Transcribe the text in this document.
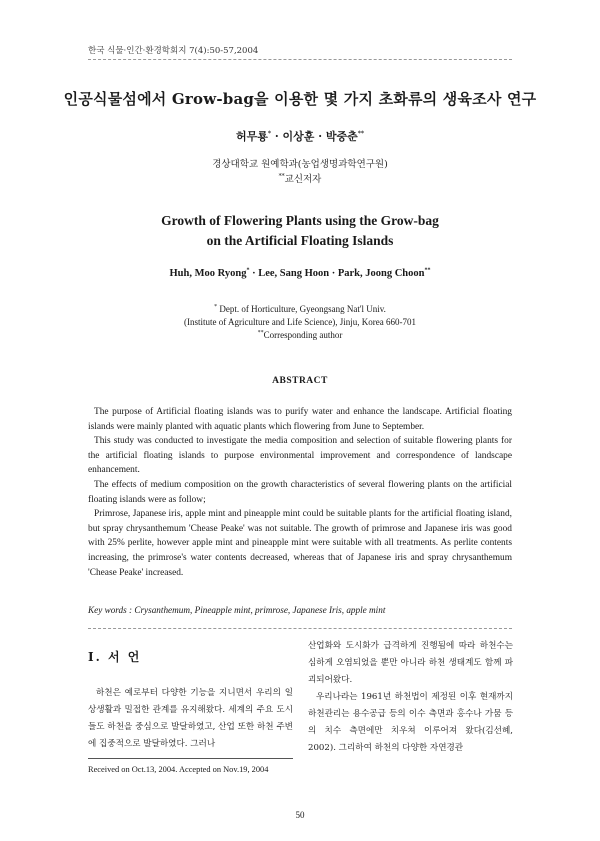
한국 식물·인간·환경학회지 7(4):50-57,2004
인공식물섬에서 Grow-bag을 이용한 몇 가지 초화류의 생육조사 연구
허무룡* · 이상훈 · 박중춘**
경상대학교 원예학과(농업생명과학연구원)
**교신저자
Growth of Flowering Plants using the Grow-bag
on the Artificial Floating Islands
Huh, Moo Ryong* · Lee, Sang Hoon · Park, Joong Choon**
* Dept. of Horticulture, Gyeongsang Nat'l Univ.
(Institute of Agriculture and Life Science), Jinju, Korea 660-701
**Corresponding author
ABSTRACT

The purpose of Artificial floating islands was to purify water and enhance the landscape. Artificial floating islands were mainly planted with aquatic plants which flowering from June to September.

This study was conducted to investigate the media composition and selection of suitable flowering plants for the artificial floating islands to purpose environmental improvement and correspondence of landscape enhancement.

The effects of medium composition on the growth characteristics of several flowering plants on the artificial floating islands were as follow;

Primrose, Japanese iris, apple mint and pineapple mint could be suitable plants for the artificial floating island, but spray chrysanthemum 'Chease Peake' was not suitable. The growth of primrose and Japanese iris was good with 25% perlite, however apple mint and pineapple mint were suitable with all treatments. As perlite contents increasing, the primrose's water contents decreased, whereas that of Japanese iris and spray chrysanthemum 'Chease Peake' increased.

Key words : Crysanthemum, Pineapple mint, primrose, Japanese Iris, apple mint
Ⅰ. 서 언

하천은 예로부터 다양한 기능을 지니면서 우리의 일상생활과 밀접한 관계를 유지해왔다. 세계의 주요 도시들도 하천을 중심으로 발달하였고, 산업 또한 하천 주변에 집중적으로 발달하였다. 그러나

산업화와 도시화가 급격하게 진행됨에 따라 하천수는 심하게 오염되었을 뿐만 아니라 하천 생태계도 함께 파괴되어왔다.

우리나라는 1961년 하천법이 제정된 이후 현재까지 하천관리는 용수공급 등의 이수 측면과 홍수나 가뭄 등의 치수 측면에만 치우쳐 이루어져 왔다(김선혜, 2002). 그리하여 하천의 다양한 자연경관

Received on Oct.13, 2004. Accepted on Nov.19, 2004
50
